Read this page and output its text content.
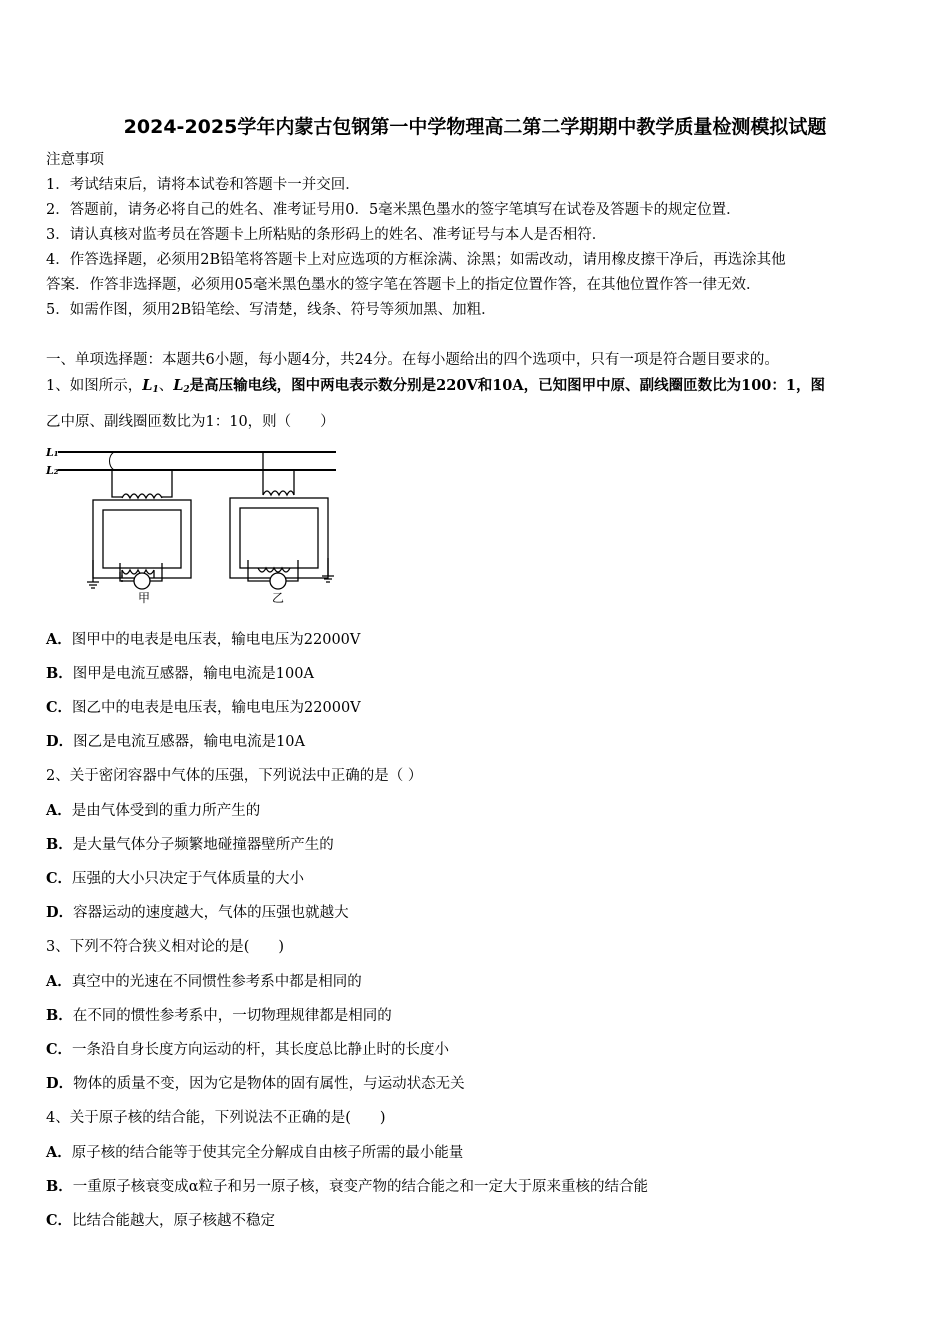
2024-2025学年内蒙古包钢第一中学物理高二第二学期期中教学质量检测模拟试题
注意事项
1．考试结束后，请将本试卷和答题卡一并交回．
2．答题前，请务必将自己的姓名、准考证号用0．5毫米黑色墨水的签字笔填写在试卷及答题卡的规定位置．
3．请认真核对监考员在答题卡上所粘贴的条形码上的姓名、准考证号与本人是否相符．
4．作答选择题，必须用2B铅笔将答题卡上对应选项的方框涂满、涂黑；如需改动，请用橡皮擦干净后，再选涂其他
答案．作答非选择题，必须用05毫米黑色墨水的签字笔在答题卡上的指定位置作答，在其他位置作答一律无效．
5．如需作图，须用2B铅笔绘、写清楚，线条、符号等须加黑、加粗．
一、单项选择题：本题共6小题，每小题4分，共24分。在每小题给出的四个选项中，只有一项是符合题目要求的。
1、如图所示，$L_1$、$L_2$是高压输电线，图中两电表示数分别是220V和10A，已知图甲中原、副线圈匝数比为100：1，图
乙中原、副线圈匝数比为1：10，则（　　）
L₁
L₂
甲	乙
A．图甲中的电表是电压表，输电电压为22000V
B．图甲是电流互感器，输电电流是100A
C．图乙中的电表是电压表，输电电压为22000V
D．图乙是电流互感器，输电电流是10A
2、关于密闭容器中气体的压强，下列说法中正确的是（ ）
A．是由气体受到的重力所产生的
B．是大量气体分子频繁地碰撞器壁所产生的
C．压强的大小只决定于气体质量的大小
D．容器运动的速度越大，气体的压强也就越大
3、下列不符合狭义相对论的是(　　)
A．真空中的光速在不同惯性参考系中都是相同的
B．在不同的惯性参考系中，一切物理规律都是相同的
C．一条沿自身长度方向运动的杆，其长度总比静止时的长度小
D．物体的质量不变，因为它是物体的固有属性，与运动状态无关
4、关于原子核的结合能，下列说法不正确的是(　　)
A．原子核的结合能等于使其完全分解成自由核子所需的最小能量
B．一重原子核衰变成α粒子和另一原子核，衰变产物的结合能之和一定大于原来重核的结合能
C．比结合能越大，原子核越不稳定
